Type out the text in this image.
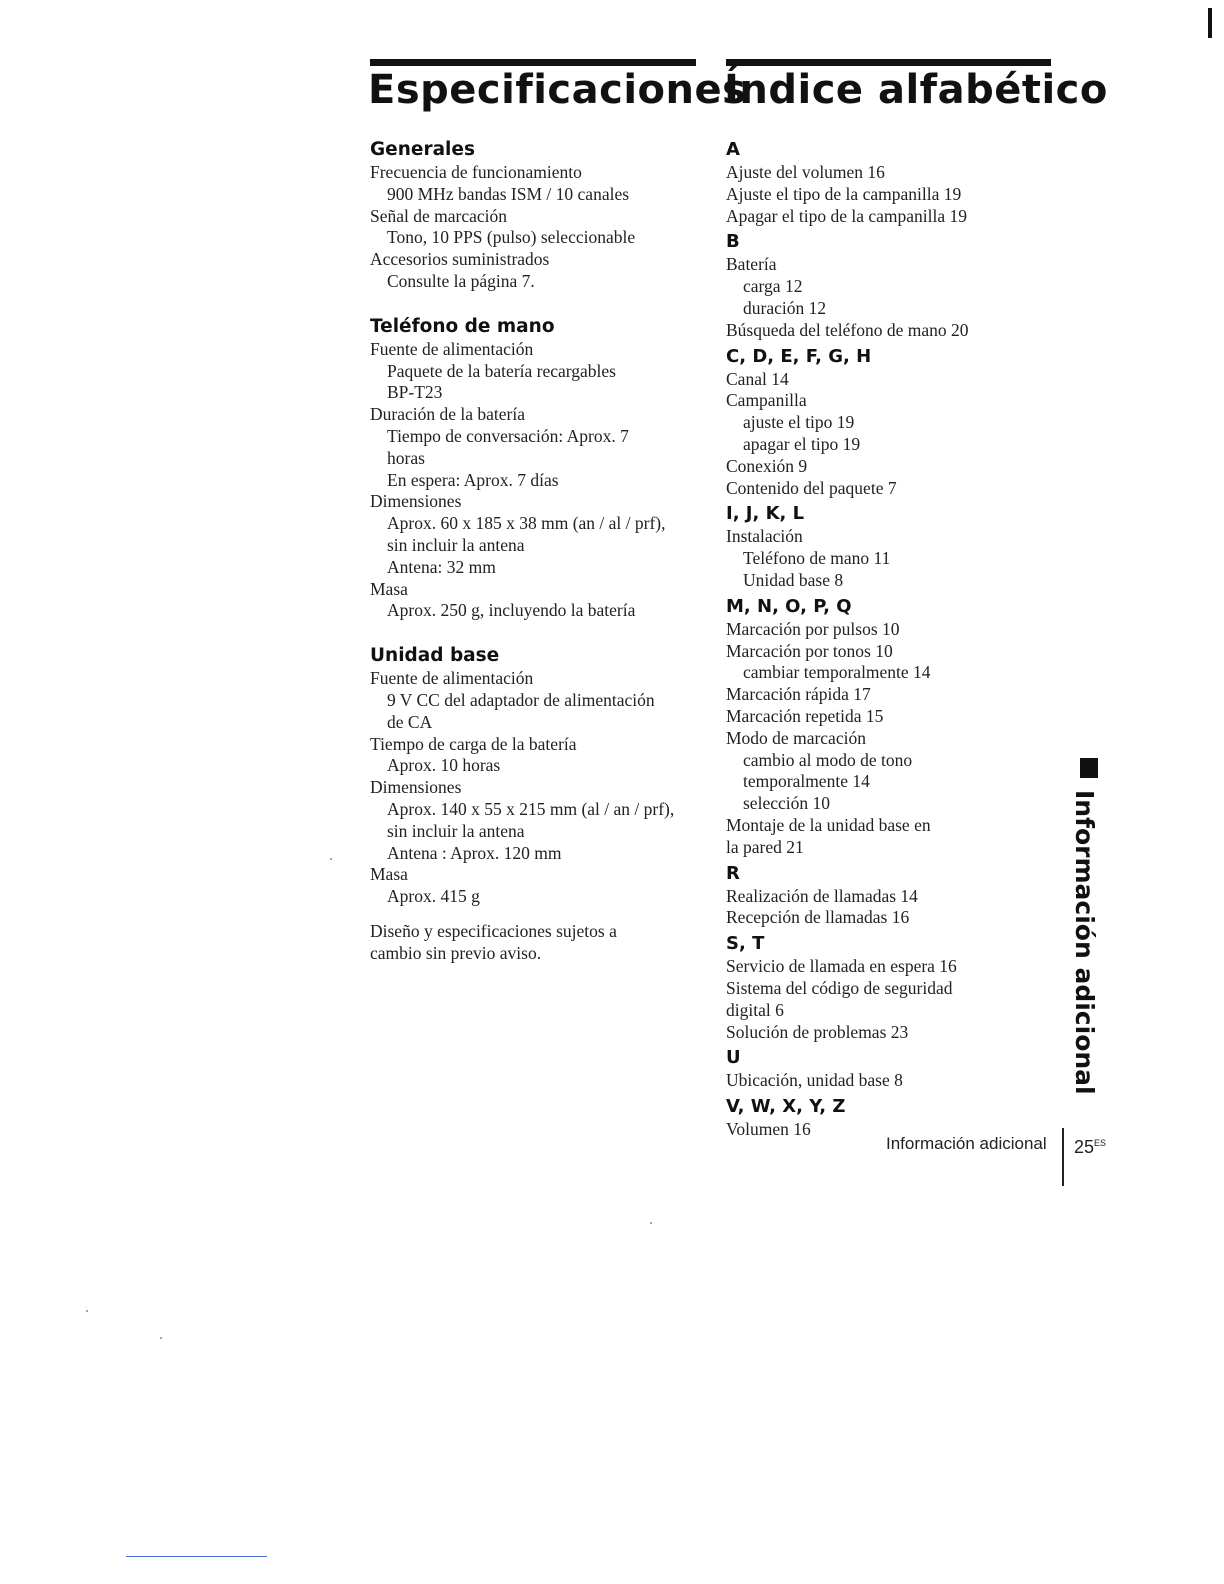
Especificaciones
Índice alfabético
Generales
Frecuencia de funcionamiento
900 MHz bandas ISM / 10 canales
Señal de marcación
Tono, 10 PPS (pulso) seleccionable
Accesorios suministrados
Consulte la página 7.
Teléfono de mano
Fuente de alimentación
Paquete de la batería recargables
BP-T23
Duración de la batería
Tiempo de conversación: Aprox. 7
horas
En espera: Aprox. 7 días
Dimensiones
Aprox. 60 x 185 x 38 mm (an / al / prf),
sin incluir la antena
Antena: 32 mm
Masa
Aprox. 250 g, incluyendo la batería
Unidad base
Fuente de alimentación
9 V CC del adaptador de alimentación
de CA
Tiempo de carga de la batería
Aprox. 10 horas
Dimensiones
Aprox. 140 x 55 x 215 mm (al / an / prf),
sin incluir la antena
Antena : Aprox. 120 mm
Masa
Aprox. 415 g
Diseño y especificaciones sujetos a
cambio sin previo aviso.
A
Ajuste del volumen 16
Ajuste el tipo de la campanilla 19
Apagar el tipo de la campanilla 19
B
Batería
carga 12
duración 12
Búsqueda del teléfono de mano 20
C, D, E, F, G, H
Canal 14
Campanilla
ajuste el tipo 19
apagar el tipo 19
Conexión 9
Contenido del paquete 7
I, J, K, L
Instalación
Teléfono de mano 11
Unidad base 8
M, N, O, P, Q
Marcación por pulsos 10
Marcación por tonos 10
cambiar temporalmente 14
Marcación rápida 17
Marcación repetida 15
Modo de marcación
cambio al modo de tono
temporalmente 14
selección 10
Montaje de la unidad base en
la pared 21
R
Realización de llamadas 14
Recepción de llamadas 16
S, T
Servicio de llamada en espera 16
Sistema del código de seguridad
digital 6
Solución de problemas 23
U
Ubicación, unidad base 8
V, W, X, Y, Z
Volumen 16
Información adicional
Información adicional $25^{ES}$
